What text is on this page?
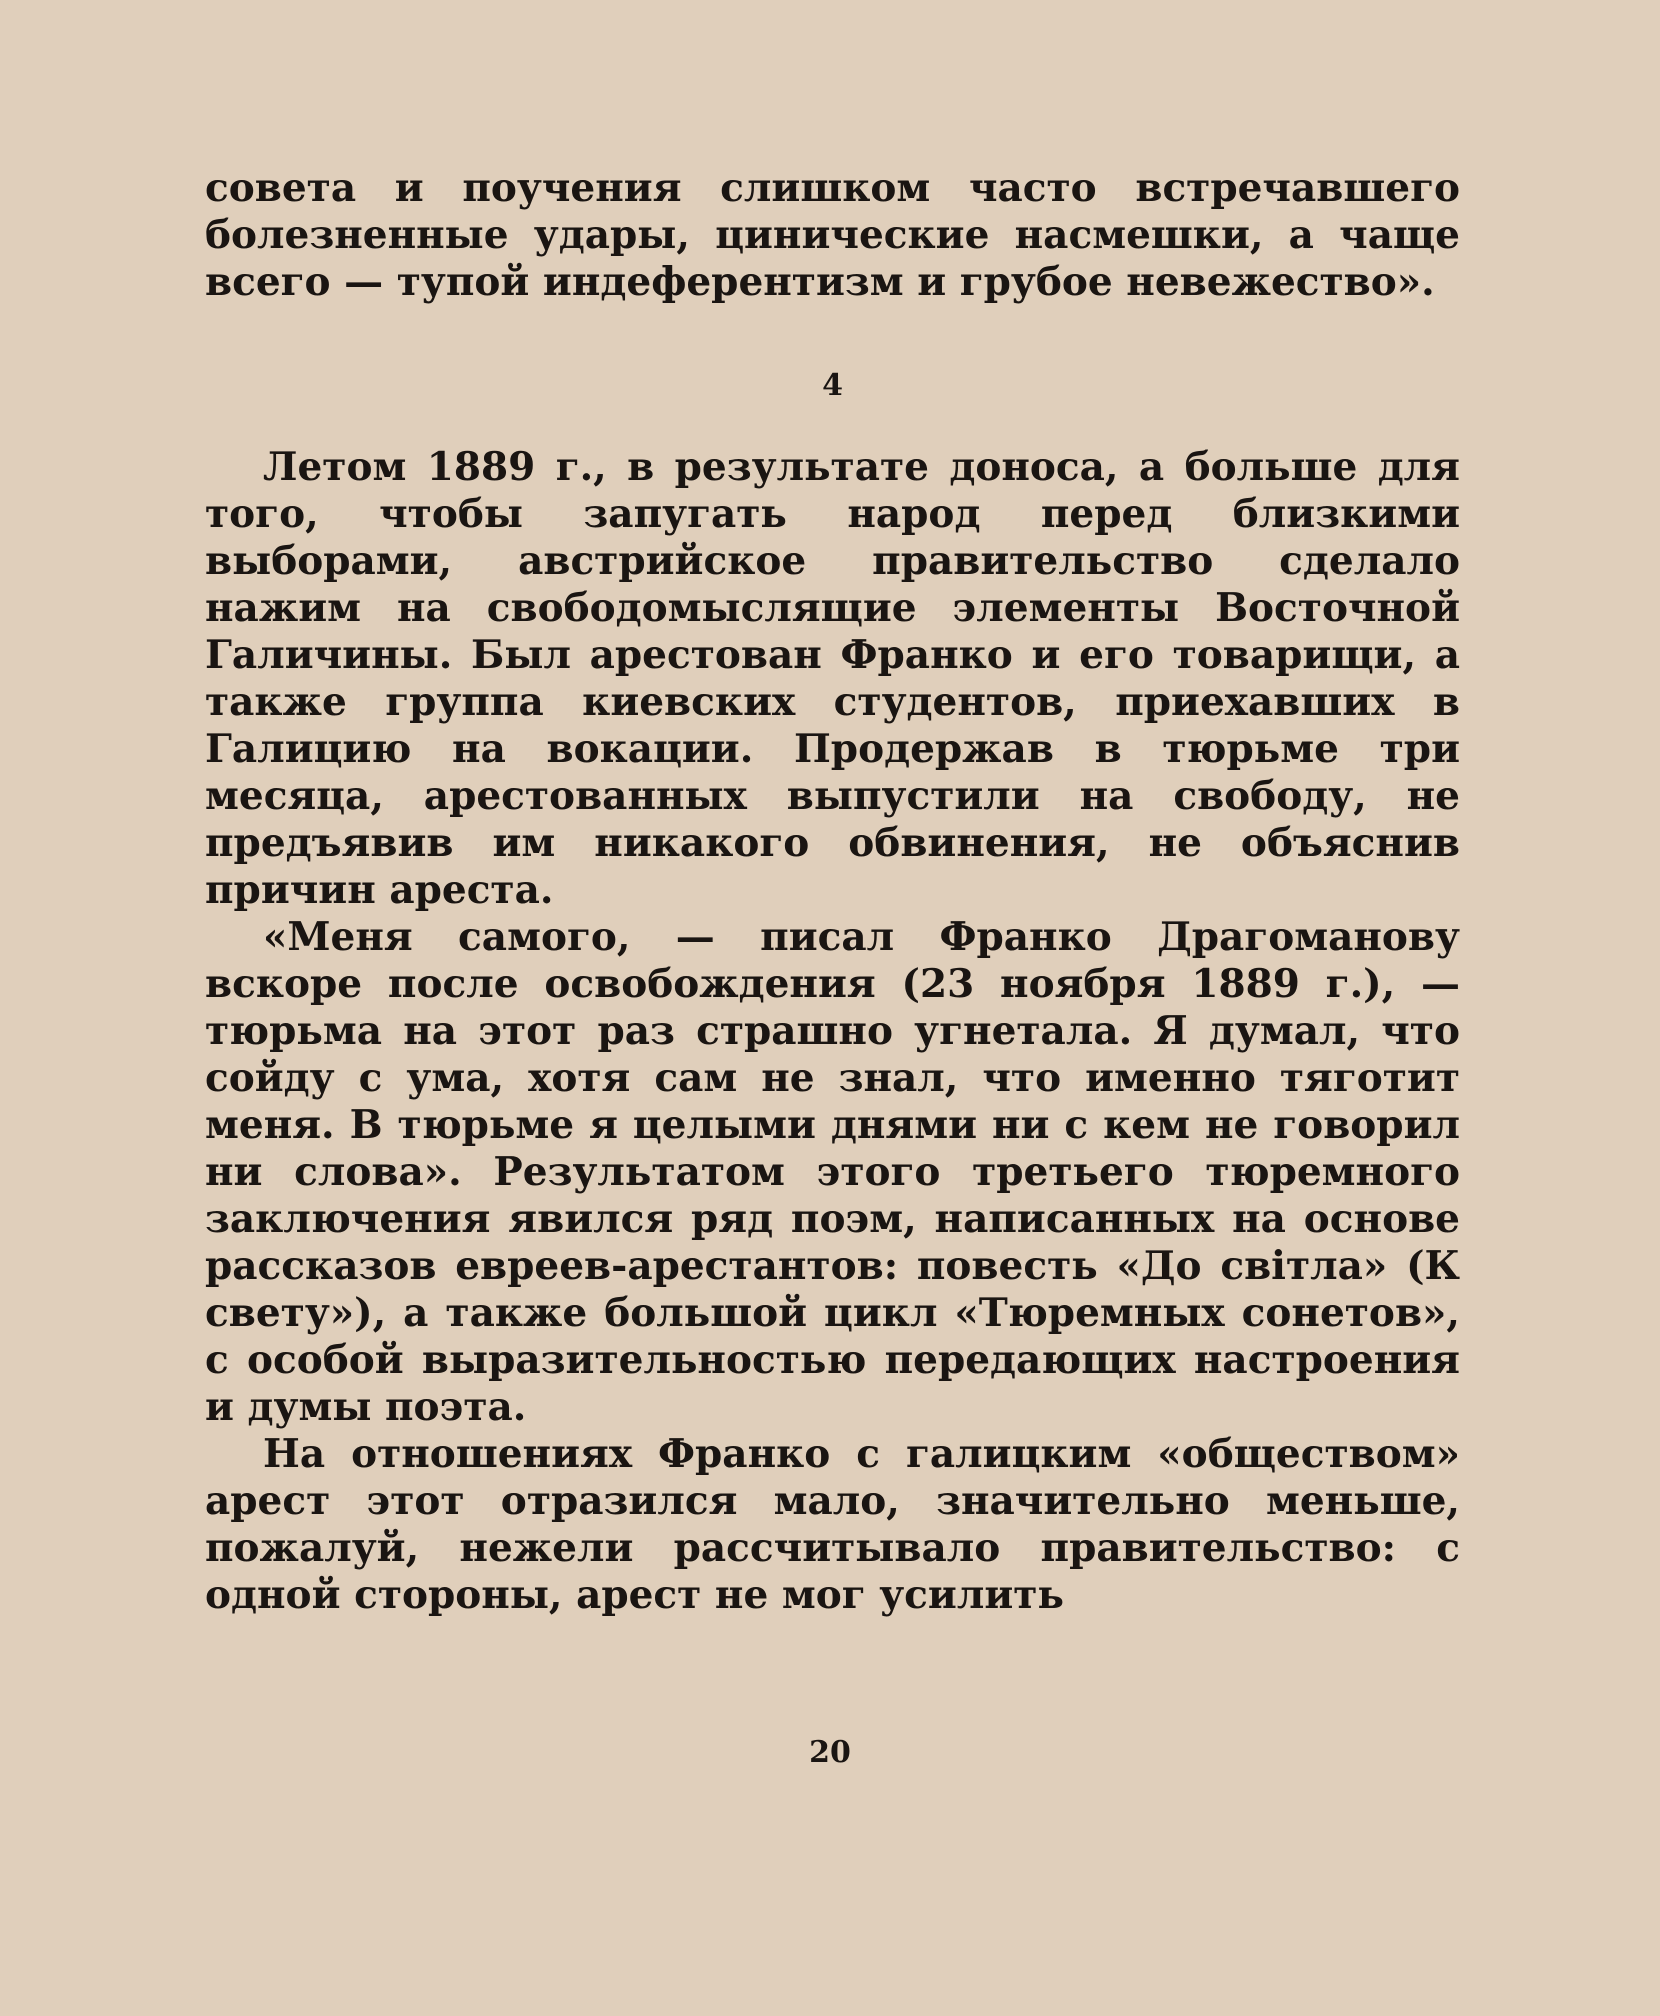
совета и поучения слишком часто встречавшего болезненные удары, цинические насмешки, а чаще всего — тупой индеферентизм и грубое невежество».

4

Летом 1889 г., в результате доноса, а больше для того, чтобы запугать народ перед близкими выборами, австрийское правительство сделало нажим на свободомыслящие элементы Восточной Галичины. Был арестован Франко и его товарищи, а также группа киевских студентов, приехавших в Галицию на вокации. Продержав в тюрьме три месяца, арестованных выпустили на свободу, не предъявив им никакого обвинения, не объяснив причин ареста.

«Меня самого, — писал Франко Драгоманову вскоре после освобождения (23 ноября 1889 г.), — тюрьма на этот раз страшно угнетала. Я думал, что сойду с ума, хотя сам не знал, что именно тяготит меня. В тюрьме я целыми днями ни с кем не говорил ни слова». Результатом этого третьего тюремного заключения явился ряд поэм, написанных на основе рассказов евреев-арестантов: повесть «До світла» (К свету»), а также большой цикл «Тюремных сонетов», с особой выразительностью передающих настроения и думы поэта.

На отношениях Франко с галицким «обществом» арест этот отразился мало, значительно меньше, пожалуй, нежели рассчитывало правительство: с одной стороны, арест не мог усилить

20
